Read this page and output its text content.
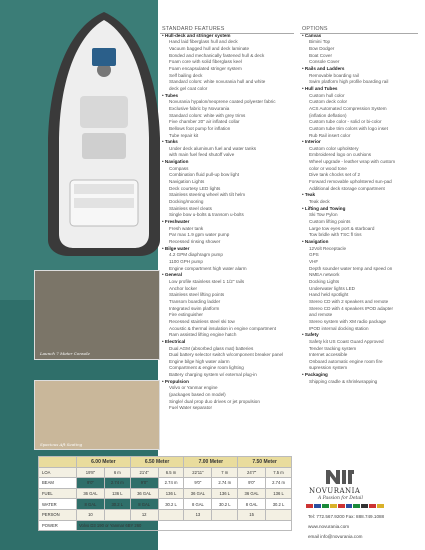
Launch 7 Meter Console
Spacious Aft Seating
STANDARD FEATURES
• Hull-deck and stringer system
Hand laid fiberglass hull and deck
Vacuum bagged hull and deck laminate
Bonded and mechanically fastened hull & deck
Foam core with solid fiberglass keel
Foam encapsulated stringer system
Self bailing deck
Standard colors: white novurania hull and white
deck gel coat color
• Tubes
Novurania hypalon/neoprene coated polyester fabric
Exclusive fabric by Novurania
Standard colors: white with grey trims
Five chamber 20" air inflated collar
Bellows foot pump for inflation
Tube repair kit
• Tanks
Under deck aluminum fuel and water tanks
with main fuel feed shutoff valve
• Navigation
Compass
Combination fluid pull-up bow light
Navigation Lights
Deck courtesy LED lights
Stainless steering wheel with tilt helm
Docking/mooring
Stainless steel cleats
Single bow u-bolts & transom u-bolts
• Freshwater
Fresh water tank
Par max 1.9 gpm water pump
Recessed rinsing shower
• Bilge water
4.2 GPM diaphragm pump
1100 GPH pump
Engine compartment high water alarm
• General
Low profile stainless steel 1 1/2" rails
Anchor locker
Stainless steel lifting points
Transom boarding ladder
Integrated swim platform
Fire extinguisher
Recessed stainless steel ski tow
Acoustic & thermal insulation in engine compartment
Ram assisted lifting engine hatch
• Electrical
Dual AGM (absorbed glass mat) batteries
Dual battery selector switch w/component breaker panel
Engine bilge high water alarm
Compartment & engine room lighting
Battery charging system w/ external plug-in
• Propulsion
Volvo or Yanmar engine
(packages based on model)
Single/ dual prop duo drives or jet propulsion
Fuel Water separator
OPTIONS
• Canvas
Bimini Top
Bow Dodger
Boat Cover
Console Cover
• Rails and Ladders
Removable boarding rail
Swim platform high profile boarding rail
• Hull and Tubes
Custom hull color
Custom deck color
ACS Automated Compression System
(inflation deflation)
Custom tube color - solid or bi-color
Custom tube trim colors with logo inset
Rub Rail insert color
• Interior
Custom color upholstery
Embroidered logo on cushions
Wheel upgrade - leather wrap with custom
color or wood tone
Dive tank chocks set of 2
Forward removable upholstered sun-pad
Additional deck storage compartment
• Teak
Teak deck
• Lifting and Towing
Ski Tow Pylon
Custom lifting points
Large tow eyes port & starboard
Tow bridle with TSC fl tins
• Navigation
12Volt Receptacle
GPS
VHF
Depth sounder water temp and speed on
NMEA network
Docking Lights
Underwater lights LED
Hand held spotlight
Stereo CD with 2 speakers and remote
Stereo CD with 4 speakers IPOD adapter
and remote
Stereo system with XM radio package
IPOD internal docking station
• Safety
Safety kit US Coast Guard Approved
Tender tracking system
Internet accessible
Onboard automatic engine room fire
supression system
• Packaging
Shipping cradle & shrinkwrapping
	6.00 Meter		6.50 Meter		7.00 Meter		7.50 Meter	
LOA	19'8"	6 m	21'4"	6.5 m	22'11"	7 m	24'7"	7.5 m
BEAM	9'0"	2.74 m	9'0"	2.74 m	9'0"	2.74 m	9'0"	2.74 m
FUEL	36 GAL	136 L	36 GAL	136 L	36 GAL	136 L	36 GAL	136 L
WATER	8 GAL	30.2 L	8 GAL	30.2 L	8 GAL	30.2 L	8 GAL	30.2 L
PERSON	10		12		13		15	
POWER	Volvo D3 190 or Yanmar 6BY 260							
NOVURANIA
A Passion for Detail
Tel: 772.567.9200 Fax: 888.749.1088
www.novurania.com
email info@novurania.com
